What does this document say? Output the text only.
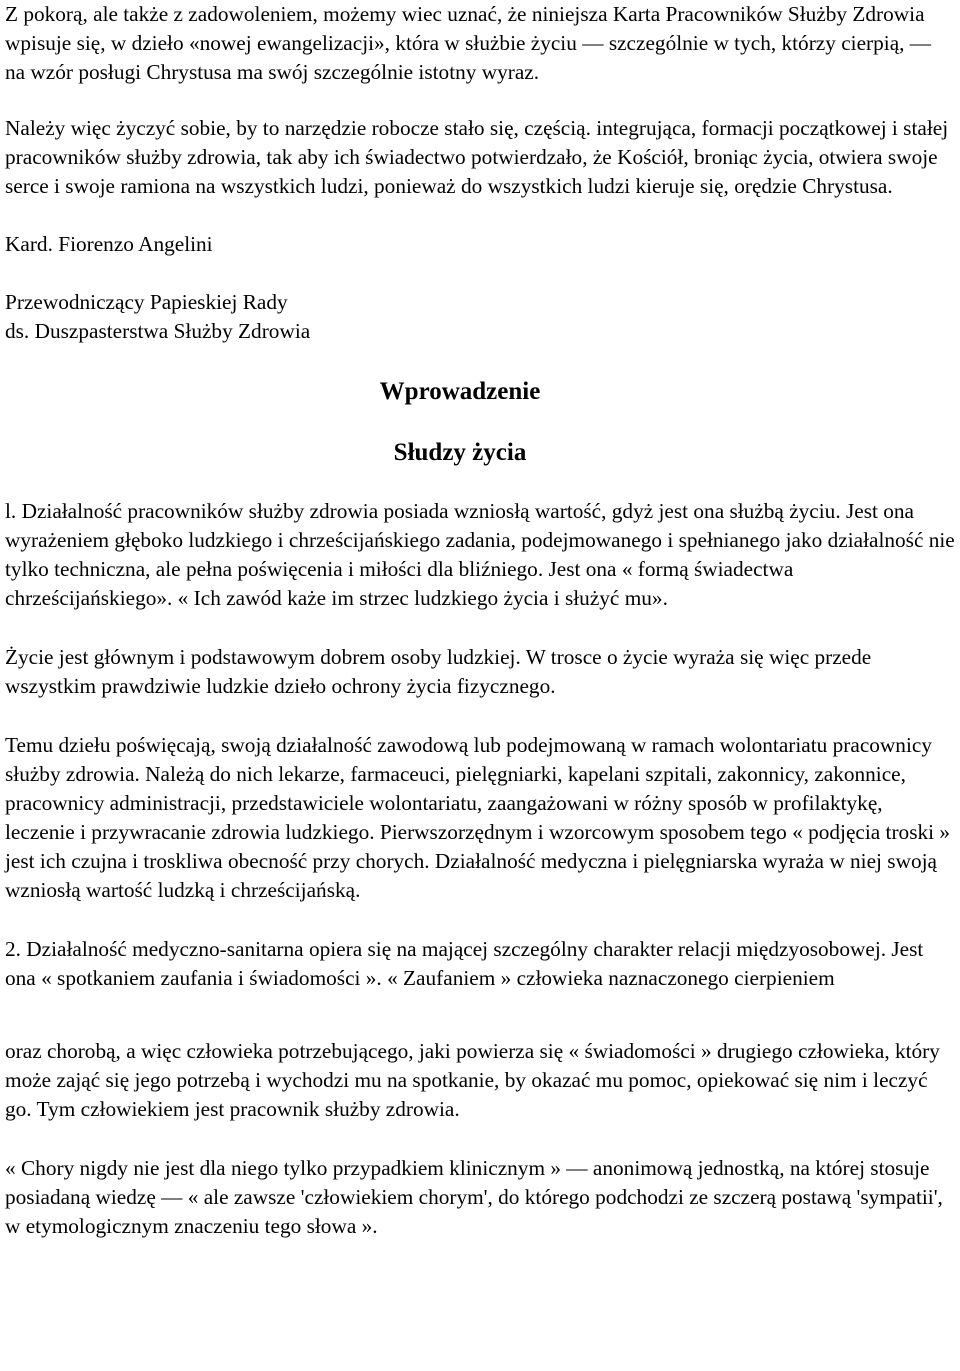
Z pokorą, ale także z zadowoleniem, możemy wiec uznać, że niniejsza Karta Pracowników Służby Zdrowia wpisuje się, w dzieło «nowej ewangelizacji», która w służbie życiu — szczególnie w tych, którzy cierpią, — na wzór posługi Chrystusa ma swój szczególnie istotny wyraz.

Należy więc życzyć sobie, by to narzędzie robocze stało się, częścią. integrująca, formacji początkowej i stałej pracowników służby zdrowia, tak aby ich świadectwo potwierdzało, że Kościół, broniąc życia, otwiera swoje serce i swoje ramiona na wszystkich ludzi, ponieważ do wszystkich ludzi kieruje się, orędzie Chrystusa.

Kard. Fiorenzo Angelini

Przewodniczący Papieskiej Rady

ds. Duszpasterstwa Służby Zdrowia

Wprowadzenie

Słudzy życia

l. Działalność pracowników służby zdrowia posiada wzniosłą wartość, gdyż jest ona służbą życiu. Jest ona wyrażeniem głęboko ludzkiego i chrześcijańskiego zadania, podejmowanego i spełnianego jako działalność nie tylko techniczna, ale pełna poświęcenia i miłości dla bliźniego. Jest ona « formą świadectwa chrześcijańskiego». « Ich zawód każe im strzec ludzkiego życia i służyć mu».

Życie jest głównym i podstawowym dobrem osoby ludzkiej. W trosce o życie wyraża się więc przede wszystkim prawdziwie ludzkie dzieło ochrony życia fizycznego.

Temu dziełu poświęcają, swoją działalność zawodową lub podejmowaną w ramach wolontariatu pracownicy służby zdrowia. Należą do nich lekarze, farmaceuci, pielęgniarki, kapelani szpitali, zakonnicy, zakonnice, pracownicy administracji, przedstawiciele wolontariatu, zaangażowani w różny sposób w profilaktykę, leczenie i przywracanie zdrowia ludzkiego. Pierwszorzędnym i wzorcowym sposobem tego « podjęcia troski » jest ich czujna i troskliwa obecność przy chorych. Działalność medyczna i pielęgniarska wyraża w niej swoją wzniosłą wartość ludzką i chrześcijańską.

2. Działalność medyczno-sanitarna opiera się na mającej szczególny charakter relacji międzyosobowej. Jest ona « spotkaniem zaufania i świadomości ». « Zaufaniem » człowieka naznaczonego cierpieniem

oraz chorobą, a więc człowieka potrzebującego, jaki powierza się « świadomości » drugiego człowieka, który może zająć się jego potrzebą i wychodzi mu na spotkanie, by okazać mu pomoc, opiekować się nim i leczyć go. Tym człowiekiem jest pracownik służby zdrowia.

« Chory nigdy nie jest dla niego tylko przypadkiem klinicznym » — anonimową jednostką, na której stosuje posiadaną wiedzę — « ale zawsze 'człowiekiem chorym', do którego podchodzi ze szczerą postawą 'sympatii', w etymologicznym znaczeniu tego słowa ».
